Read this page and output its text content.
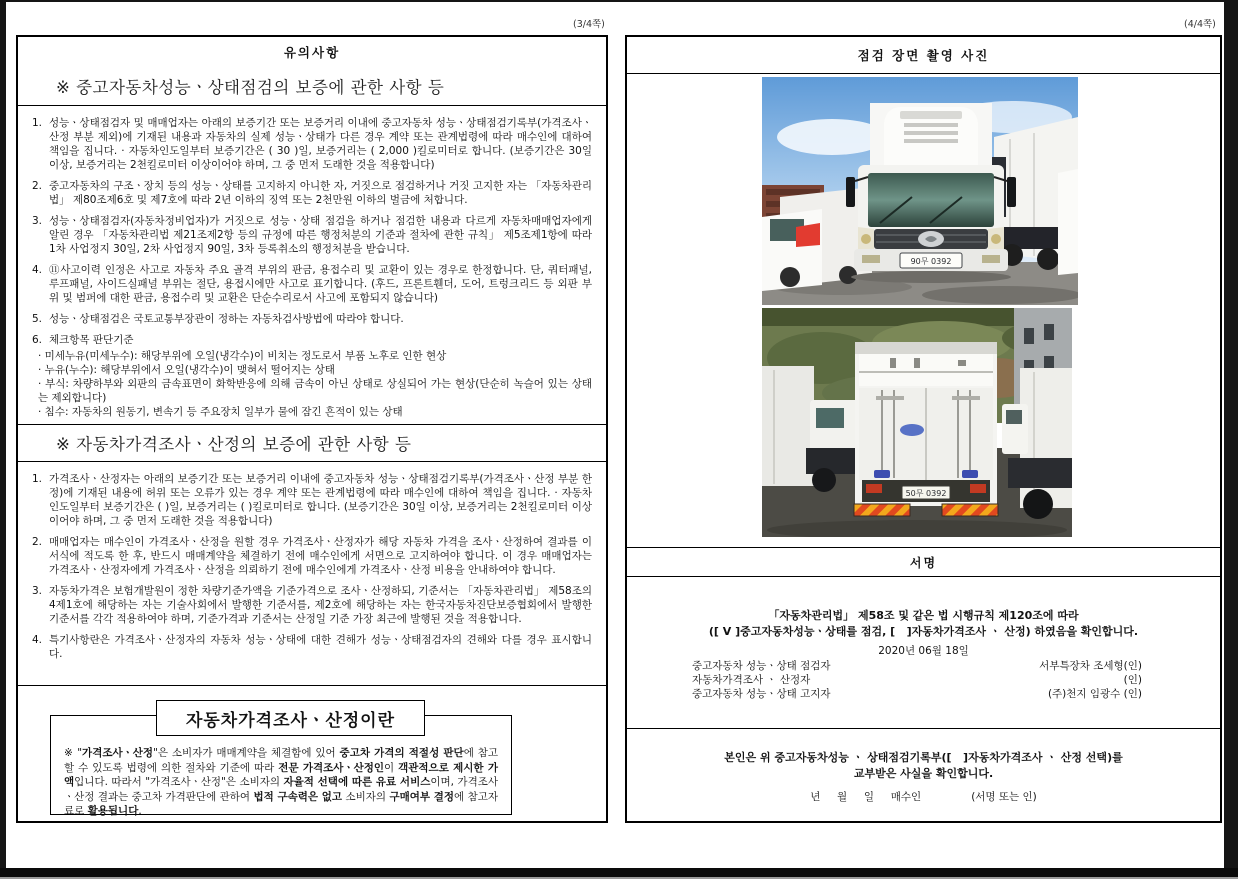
(3/4쪽)	(4/4쪽)
유의사항
※ 중고자동차성능ㆍ상태점검의 보증에 관한 사항 등
1. 성능ㆍ상태점검자 및 매매업자는 아래의 보증기간 또는 보증거리 이내에 중고자동차 성능ㆍ상태점검기록부(가격조사ㆍ산정 부분 제외)에 기재된 내용과 자동차의 실제 성능ㆍ상태가 다른 경우 계약 또는 관계법령에 따라 매수인에 대하여 책임을 집니다. · 자동차인도일부터 보증기간은 ( 30 )일, 보증거리는 ( 2,000 )킬로미터로 합니다. (보증기간은 30일 이상, 보증거리는 2천킬로미터 이상이어야 하며, 그 중 먼저 도래한 것을 적용합니다)
2. 중고자동차의 구조ㆍ장치 등의 성능ㆍ상태를 고지하지 아니한 자, 거짓으로 점검하거나 거짓 고지한 자는 「자동차관리법」 제80조제6호 및 제7호에 따라 2년 이하의 징역 또는 2천만원 이하의 벌금에 처합니다.
3. 성능ㆍ상태점검자(자동차정비업자)가 거짓으로 성능ㆍ상태 점검을 하거나 점검한 내용과 다르게 자동차매매업자에게 알린 경우 「자동차관리법 제21조제2항 등의 규정에 따른 행정처분의 기준과 절차에 관한 규칙」 제5조제1항에 따라 1차 사업정지 30일, 2차 사업정지 90일, 3차 등록취소의 행정처분을 받습니다.
4. ⑪사고이력 인정은 사고로 자동차 주요 골격 부위의 판금, 용접수리 및 교환이 있는 경우로 한정합니다. 단, 쿼터패널, 루프패널, 사이드실패널 부위는 절단, 용접시에만 사고로 표기합니다. (후드, 프론트휀더, 도어, 트렁크리드 등 외판 부위 및 범퍼에 대한 판금, 용접수리 및 교환은 단순수리로서 사고에 포함되지 않습니다)
5. 성능ㆍ상태점검은 국토교통부장관이 정하는 자동차검사방법에 따라야 합니다.
6. 체크항목 판단기준
· 미세누유(미세누수): 해당부위에 오일(냉각수)이 비치는 정도로서 부품 노후로 인한 현상
· 누유(누수): 해당부위에서 오일(냉각수)이 맺혀서 떨어지는 상태
· 부식: 차량하부와 외판의 금속표면이 화학반응에 의해 금속이 아닌 상태로 상실되어 가는 현상(단순히 녹슬어 있는 상태는 제외합니다)
· 침수: 자동차의 원동기, 변속기 등 주요장치 일부가 물에 잠긴 흔적이 있는 상태
※ 자동차가격조사ㆍ산정의 보증에 관한 사항 등
1. 가격조사ㆍ산정자는 아래의 보증기간 또는 보증거리 이내에 중고자동차 성능ㆍ상태점검기록부(가격조사ㆍ산정 부분 한정)에 기재된 내용에 허위 또는 오류가 있는 경우 계약 또는 관계법령에 따라 매수인에 대하여 책임을 집니다. · 자동차인도일부터 보증기간은 ( )일, 보증거리는 ( )킬로미터로 합니다. (보증기간은 30일 이상, 보증거리는 2천킬로미터 이상이어야 하며, 그 중 먼저 도래한 것을 적용합니다)
2. 매매업자는 매수인이 가격조사ㆍ산정을 원할 경우 가격조사ㆍ산정자가 해당 자동차 가격을 조사ㆍ산정하여 결과를 이 서식에 적도록 한 후, 반드시 매매계약을 체결하기 전에 매수인에게 서면으로 고지하여야 합니다. 이 경우 매매업자는 가격조사ㆍ산정자에게 가격조사ㆍ산정을 의뢰하기 전에 매수인에게 가격조사ㆍ산정 비용을 안내하여야 합니다.
3. 자동차가격은 보험개발원이 정한 차량기준가액을 기준가격으로 조사ㆍ산정하되, 기준서는 「자동차관리법」 제58조의4제1호에 해당하는 자는 기술사회에서 발행한 기준서를, 제2호에 해당하는 자는 한국자동차진단보증협회에서 발행한 기준서를 각각 적용하여야 하며, 기준가격과 기준서는 산정일 기준 가장 최근에 발행된 것을 적용합니다.
4. 특기사항란은 가격조사ㆍ산정자의 자동차 성능ㆍ상태에 대한 견해가 성능ㆍ상태점검자의 견해와 다를 경우 표시합니다.
자동차가격조사ㆍ산정이란
※ "가격조사ㆍ산정"은 소비자가 매매계약을 체결함에 있어 중고차 가격의 적절성 판단에 참고할 수 있도록 법령에 의한 절차와 기준에 따라 전문 가격조사ㆍ산정인이 객관적으로 제시한 가액입니다. 따라서 "가격조사ㆍ산정"은 소비자의 자율적 선택에 따른 유료 서비스이며, 가격조사ㆍ산정 결과는 중고차 가격판단에 관하여 법적 구속력은 없고 소비자의 구매여부 결정에 참고자료로 활용됩니다.
점검 장면 촬영 사진
90무 0392
50무 0392
서명
「자동차관리법」 제58조 및 같은 법 시행규칙 제120조에 따라
([ V ]중고자동차성능ㆍ상태를 점검, [   ]자동차가격조사 ㆍ 산정) 하였음을 확인합니다.
2020년 06월 18일
중고자동차 성능ㆍ상태 점검자	서부특장차 조세형(인)
자동차가격조사 ㆍ 산정자	(인)
중고자동차 성능ㆍ상태 고지자	(주)천지 임광수 (인)
본인은 위 중고자동차성능 ㆍ 상태점검기록부([   ]자동차가격조사 ㆍ 산정 선택)를
교부받은 사실을 확인합니다.
년     월     일     매수인               (서명 또는 인)
